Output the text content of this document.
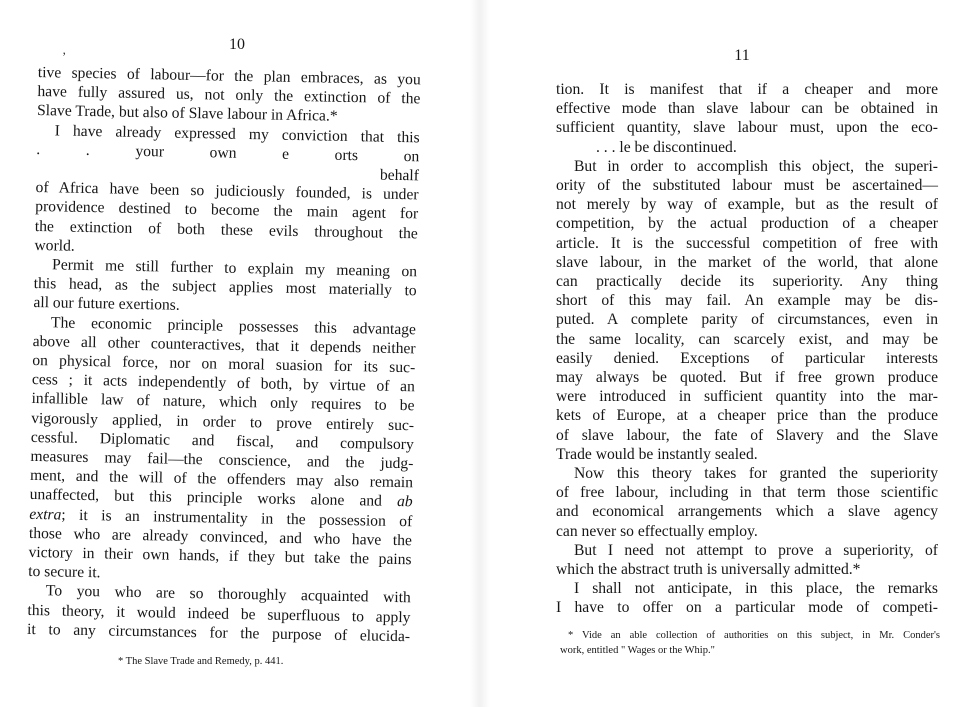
‚	10

tive species of labour—for the plan embraces, as you

have fully assured us, not only the extinction of the

Slave Trade, but also of Slave labour in Africa.*

I have already expressed my conviction that this

. . your own e orts on behalf

of Africa have been so judiciously founded, is under

providence destined to become the main agent for

the extinction of both these evils throughout the

world.

Permit me still further to explain my meaning on

this head, as the subject applies most materially to

all our future exertions.

The economic principle possesses this advantage

above all other counteractives, that it depends neither

on physical force, nor on moral suasion for its suc-

cess ; it acts independently of both, by virtue of an

infallible law of nature, which only requires to be

vigorously applied, in order to prove entirely suc-

cessful. Diplomatic and fiscal, and compulsory

measures may fail—the conscience, and the judg-

ment, and the will of the offenders may also remain

unaffected, but this principle works alone and ab

extra; it is an instrumentality in the possession of

those who are already convinced, and who have the

victory in their own hands, if they but take the pains

to secure it.

To you who are so thoroughly acquainted with

this theory, it would indeed be superfluous to apply

it to any circumstances for the purpose of elucida-

* The Slave Trade and Remedy, p. 441.
11

tion. It is manifest that if a cheaper and more

effective mode than slave labour can be obtained in

sufficient quantity, slave labour must, upon the eco-

. . . le be discontinued.

But in order to accomplish this object, the superi-

ority of the substituted labour must be ascertained—

not merely by way of example, but as the result of

competition, by the actual production of a cheaper

article. It is the successful competition of free with

slave labour, in the market of the world, that alone

can practically decide its superiority. Any thing

short of this may fail. An example may be dis-

puted. A complete parity of circumstances, even in

the same locality, can scarcely exist, and may be

easily denied. Exceptions of particular interests

may always be quoted. But if free grown produce

were introduced in sufficient quantity into the mar-

kets of Europe, at a cheaper price than the produce

of slave labour, the fate of Slavery and the Slave

Trade would be instantly sealed.

Now this theory takes for granted the superiority

of free labour, including in that term those scientific

and economical arrangements which a slave agency

can never so effectually employ.

But I need not attempt to prove a superiority, of

which the abstract truth is universally admitted.*

I shall not anticipate, in this place, the remarks

I have to offer on a particular mode of competi-

* Vide an able collection of authorities on this subject, in Mr. Conder's
work, entitled " Wages or the Whip."
